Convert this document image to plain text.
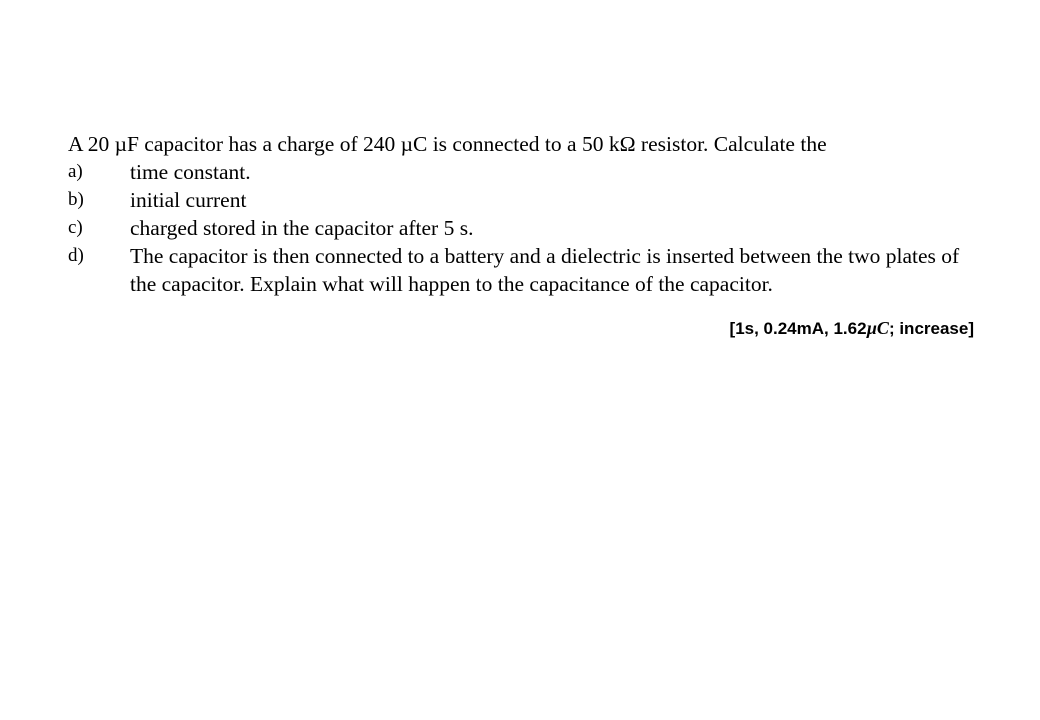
A 20 µF capacitor has a charge of 240 µC is connected to a 50 kΩ resistor. Calculate the
a)	time constant.
b)	initial current
c)	charged stored in the capacitor after 5 s.
d)	The capacitor is then connected to a battery and a dielectric is inserted between the two plates of the capacitor. Explain what will happen to the capacitance of the capacitor.
[1s, 0.24mA, 1.62µC; increase]
